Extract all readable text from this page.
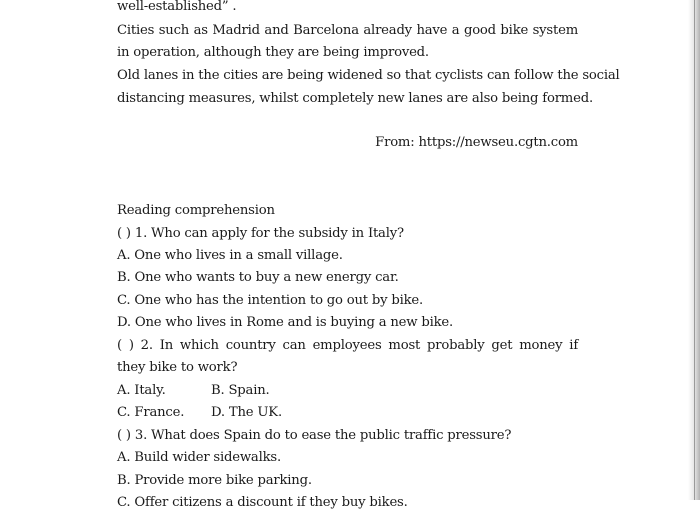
well-established” .
Cities such as Madrid and Barcelona already have a good bike system
in operation, although they are being improved.
Old lanes in the cities are being widened so that cyclists can follow the social
distancing measures, whilst completely new lanes are also being formed.
From: https://newseu.cgtn.com
Reading comprehension
( ) 1. Who can apply for the subsidy in Italy?
A. One who lives in a small village.
B. One who wants to buy a new energy car.
C. One who has the intention to go out by bike.
D. One who lives in Rome and is buying a new bike.
( ) 2. In which country can employees most probably get money if
they bike to work?
A. Italy.	B. Spain.
C. France. D. The UK.
( ) 3. What does Spain do to ease the public traffic pressure?
A. Build wider sidewalks.
B. Provide more bike parking.
C. Offer citizens a discount if they buy bikes.
